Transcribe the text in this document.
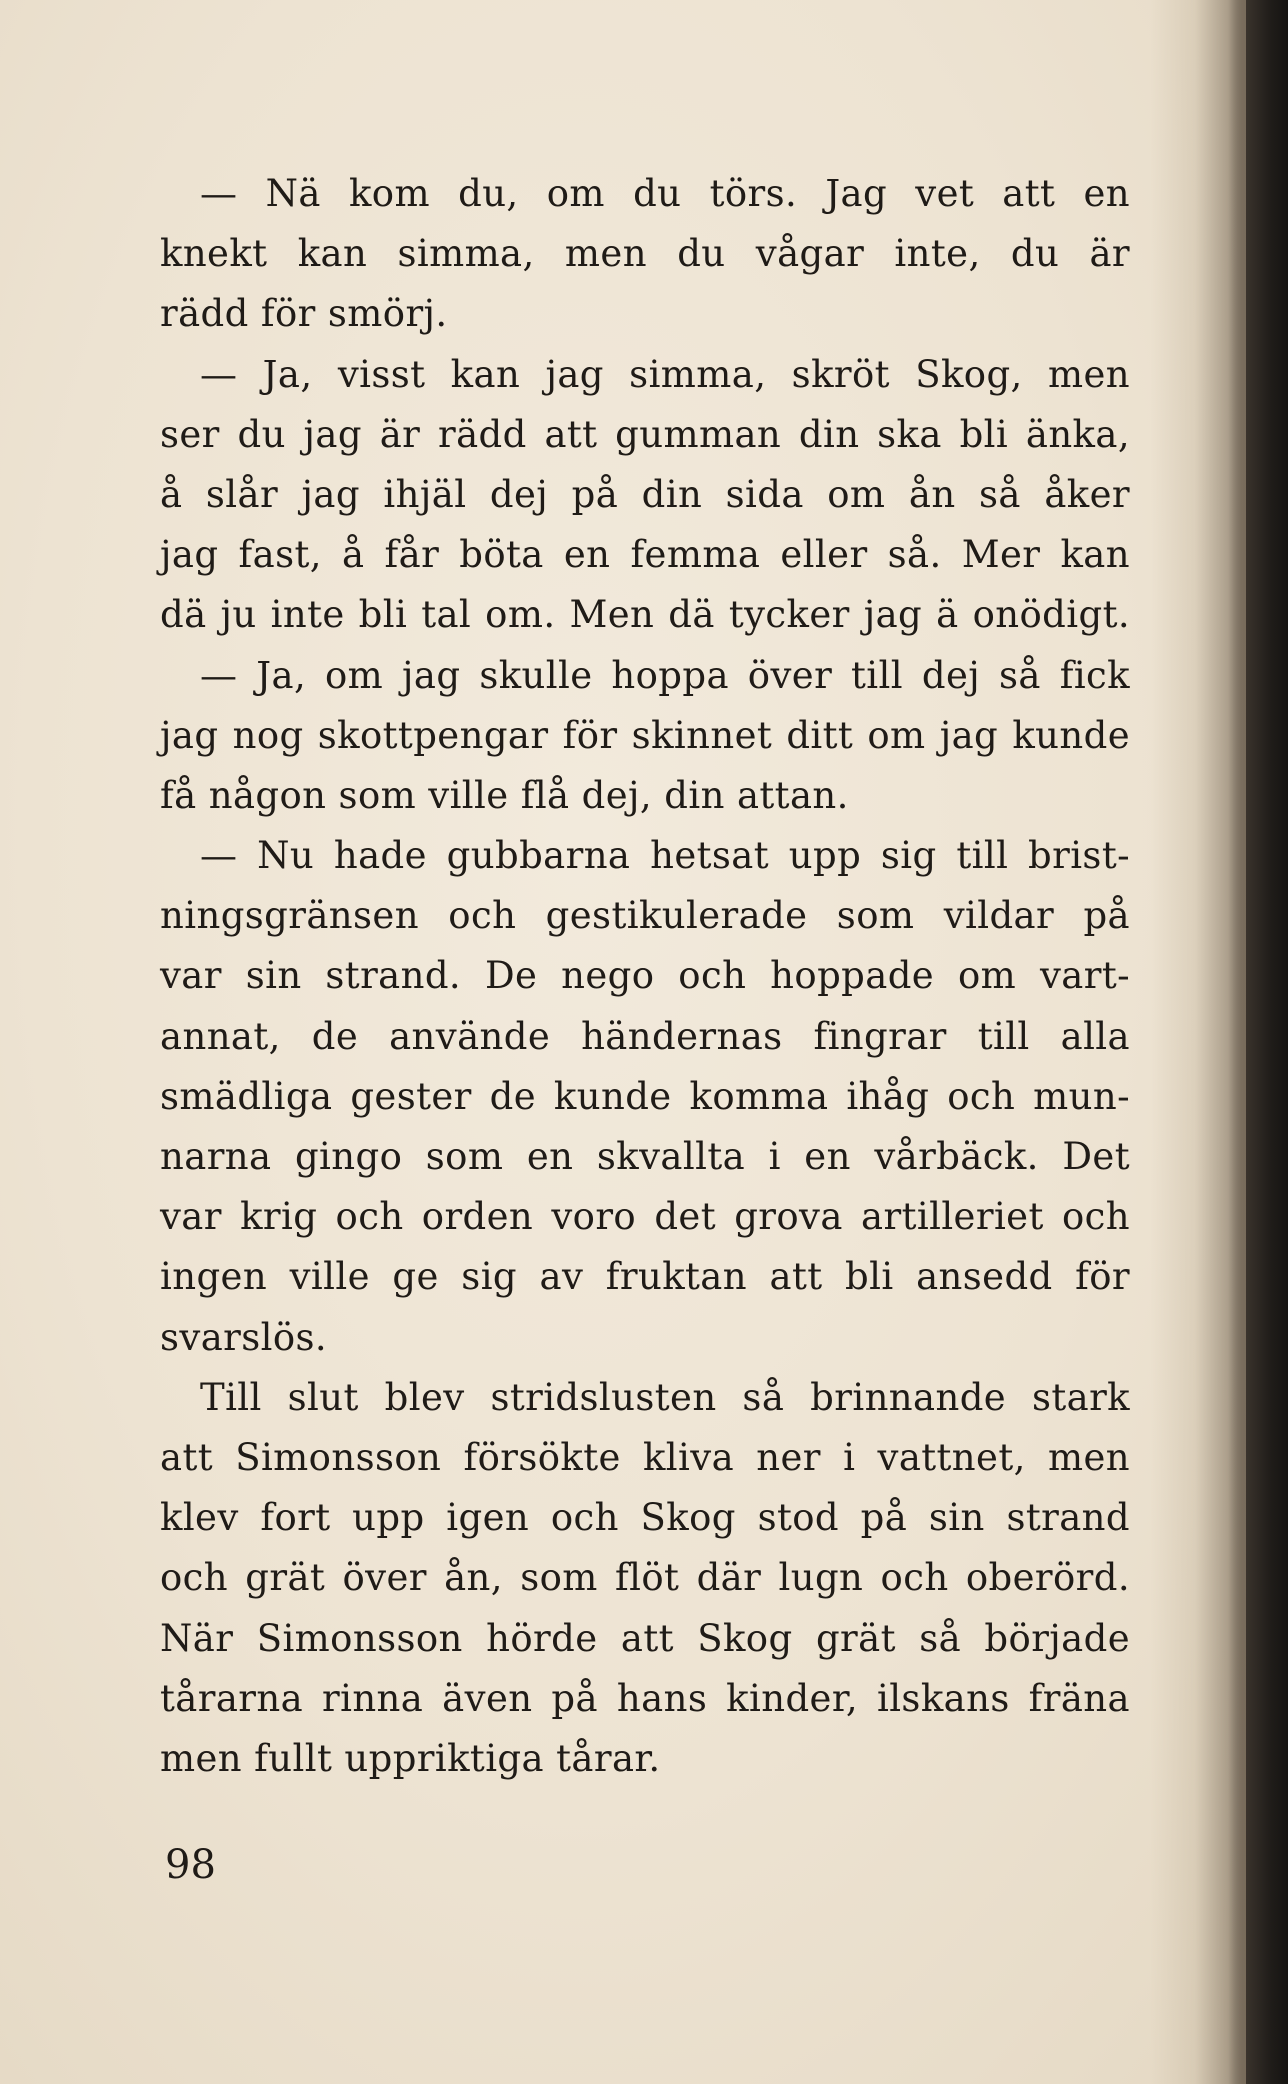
— Nä kom du, om du törs. Jag vet att en
knekt kan simma, men du vågar inte, du är
rädd för smörj.
— Ja, visst kan jag simma, skröt Skog, men
ser du jag är rädd att gumman din ska bli änka,
å slår jag ihjäl dej på din sida om ån så åker
jag fast, å får böta en femma eller så. Mer kan
dä ju inte bli tal om. Men dä tycker jag ä onödigt.
— Ja, om jag skulle hoppa över till dej så fick
jag nog skottpengar för skinnet ditt om jag kunde
få någon som ville flå dej, din attan.
— Nu hade gubbarna hetsat upp sig till brist-
ningsgränsen och gestikulerade som vildar på
var sin strand. De nego och hoppade om vart-
annat, de använde händernas fingrar till alla
smädliga gester de kunde komma ihåg och mun-
narna gingo som en skvallta i en vårbäck. Det
var krig och orden voro det grova artilleriet och
ingen ville ge sig av fruktan att bli ansedd för
svarslös.
Till slut blev stridslusten så brinnande stark
att Simonsson försökte kliva ner i vattnet, men
klev fort upp igen och Skog stod på sin strand
och grät över ån, som flöt där lugn och oberörd.
När Simonsson hörde att Skog grät så började
tårarna rinna även på hans kinder, ilskans fräna
men fullt uppriktiga tårar.
98
